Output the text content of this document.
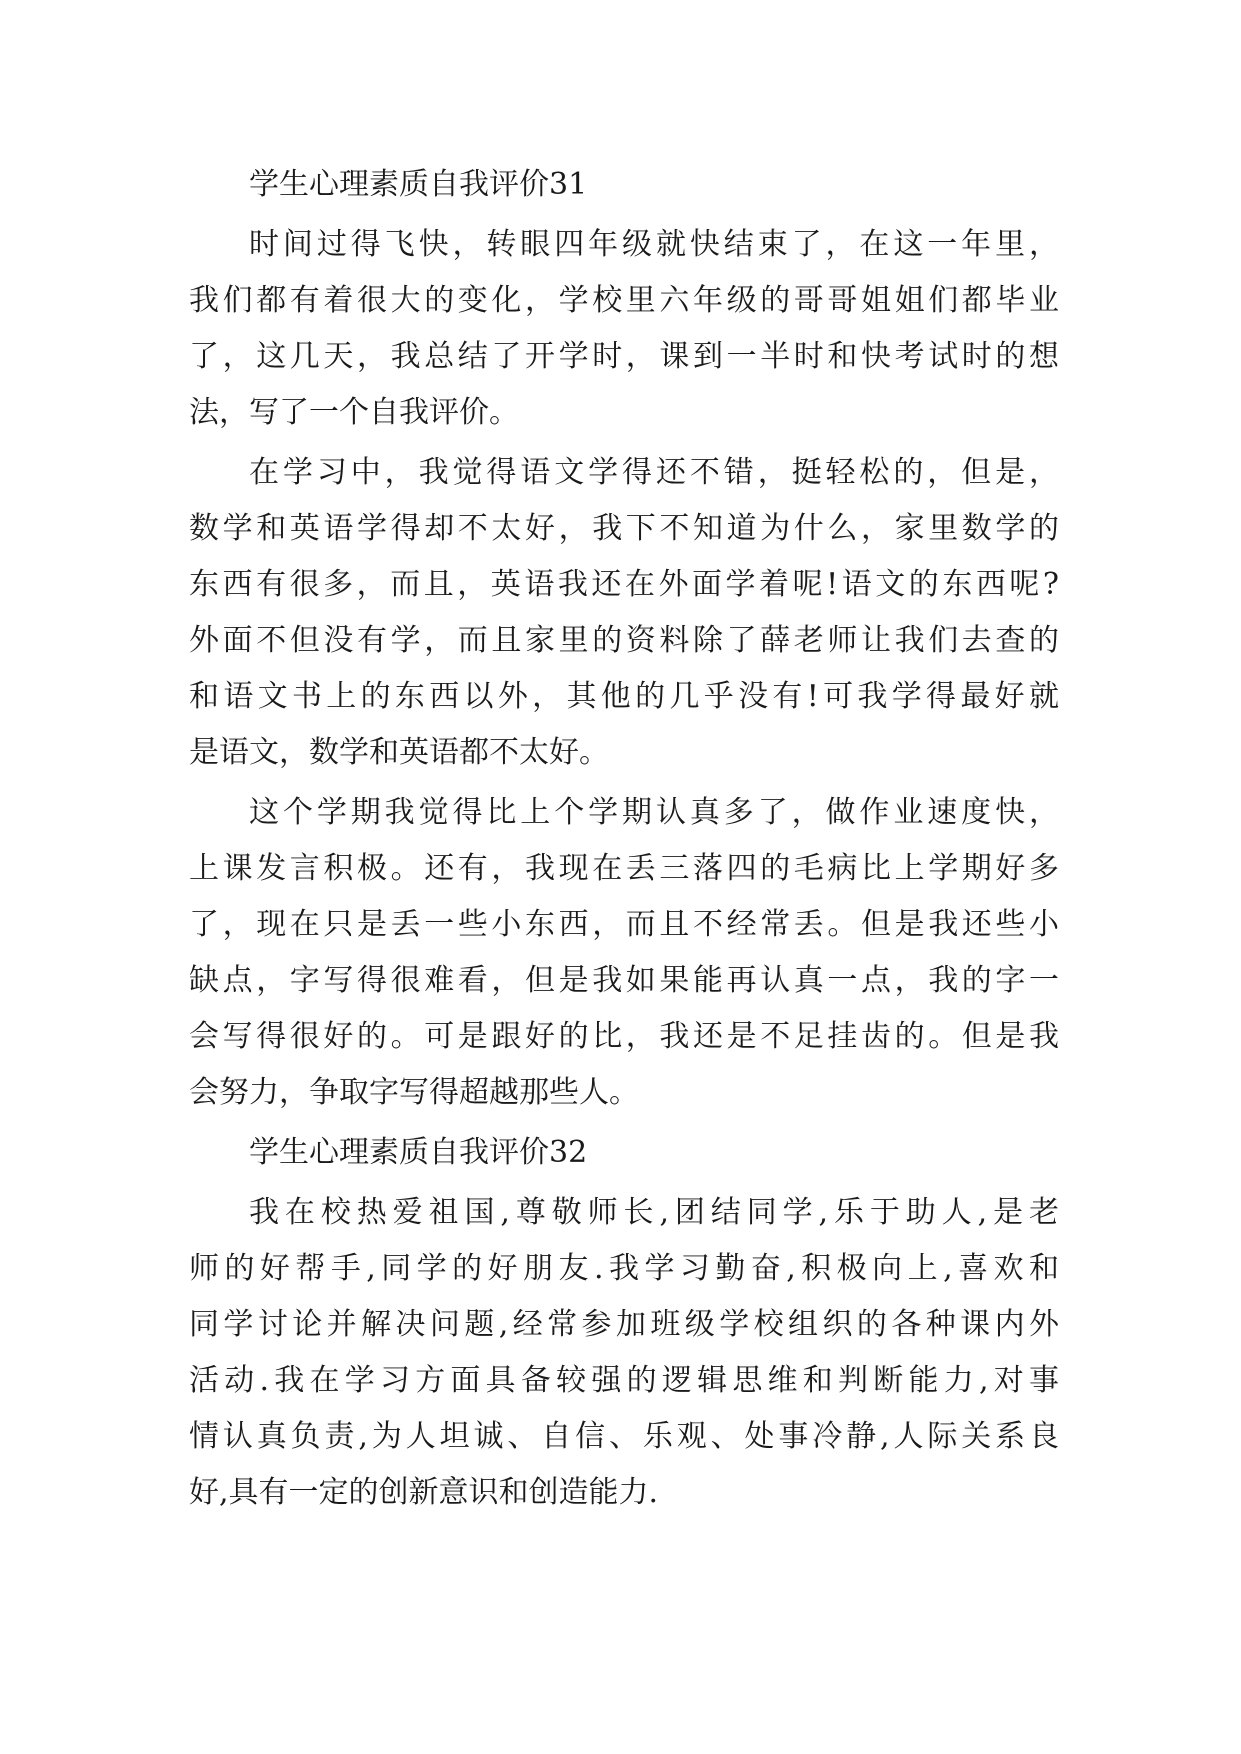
学生心理素质自我评价31

时间过得飞快，转眼四年级就快结束了，在这一年里，
我们都有着很大的变化，学校里六年级的哥哥姐姐们都毕业
了，这几天，我总结了开学时，课到一半时和快考试时的想
法，写了一个自我评价。

在学习中，我觉得语文学得还不错，挺轻松的，但是，
数学和英语学得却不太好，我下不知道为什么，家里数学的
东西有很多，而且，英语我还在外面学着呢!语文的东西呢?
外面不但没有学，而且家里的资料除了薛老师让我们去查的
和语文书上的东西以外，其他的几乎没有!可我学得最好就
是语文，数学和英语都不太好。

这个学期我觉得比上个学期认真多了，做作业速度快，
上课发言积极。还有，我现在丢三落四的毛病比上学期好多
了，现在只是丢一些小东西，而且不经常丢。但是我还些小
缺点，字写得很难看，但是我如果能再认真一点，我的字一
会写得很好的。可是跟好的比，我还是不足挂齿的。但是我
会努力，争取字写得超越那些人。

学生心理素质自我评价32

我在校热爱祖国,尊敬师长,团结同学,乐于助人,是老
师的好帮手,同学的好朋友.我学习勤奋,积极向上,喜欢和
同学讨论并解决问题,经常参加班级学校组织的各种课内外
活动.我在学习方面具备较强的逻辑思维和判断能力,对事
情认真负责,为人坦诚、自信、乐观、处事冷静,人际关系良
好,具有一定的创新意识和创造能力.
